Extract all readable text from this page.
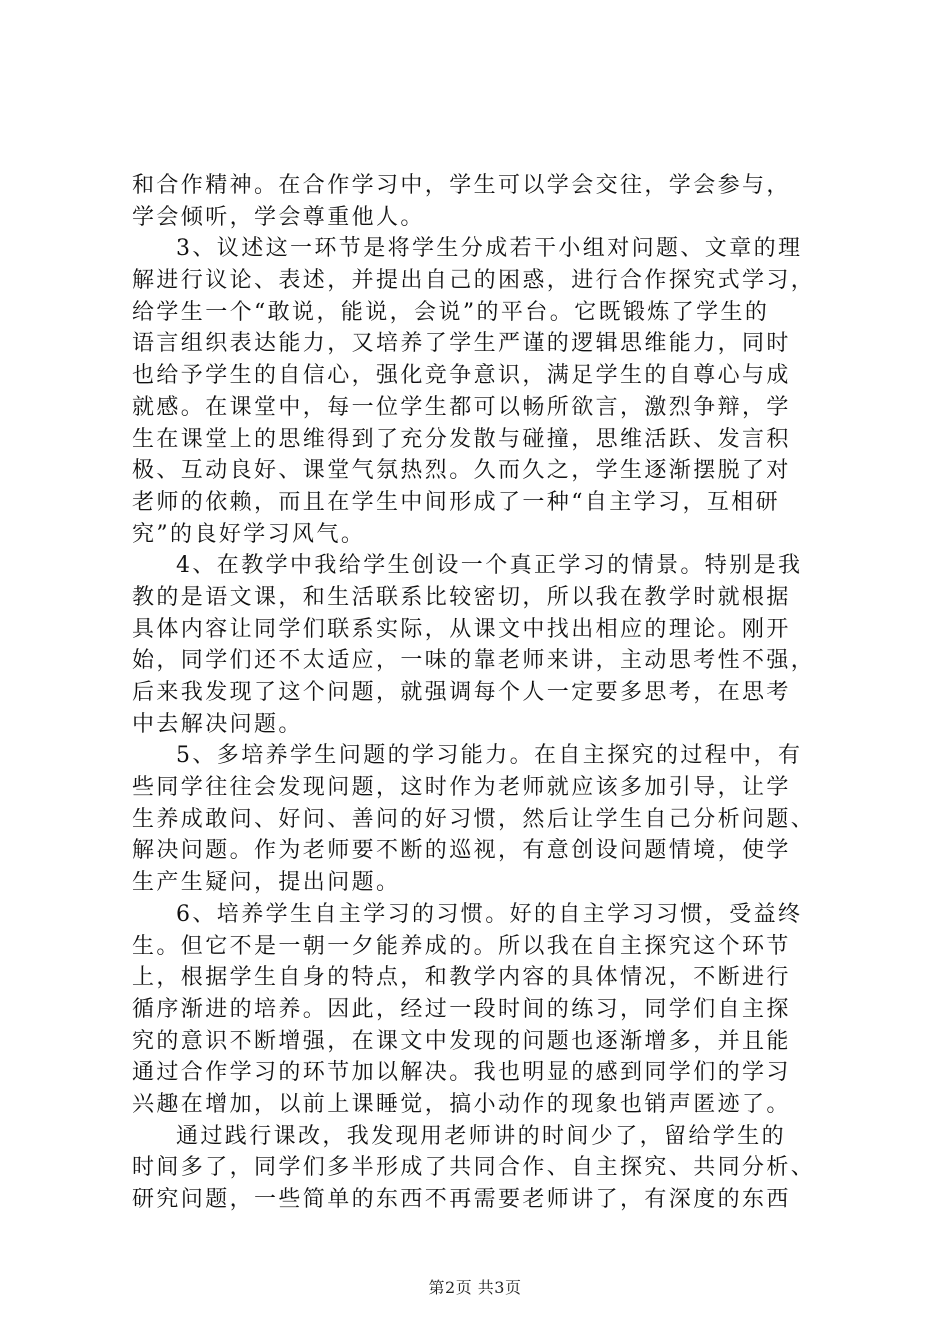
和合作精神。在合作学习中，学生可以学会交往，学会参与，
学会倾听，学会尊重他人。
3、议述这一环节是将学生分成若干小组对问题、文章的理
解进行议论、表述，并提出自己的困惑，进行合作探究式学习，
给学生一个“敢说，能说，会说”的平台。它既锻炼了学生的
语言组织表达能力，又培养了学生严谨的逻辑思维能力，同时
也给予学生的自信心，强化竞争意识，满足学生的自尊心与成
就感。在课堂中，每一位学生都可以畅所欲言，激烈争辩，学
生在课堂上的思维得到了充分发散与碰撞，思维活跃、发言积
极、互动良好、课堂气氛热烈。久而久之，学生逐渐摆脱了对
老师的依赖，而且在学生中间形成了一种“自主学习，互相研
究”的良好学习风气。
4、在教学中我给学生创设一个真正学习的情景。特别是我
教的是语文课，和生活联系比较密切，所以我在教学时就根据
具体内容让同学们联系实际，从课文中找出相应的理论。刚开
始，同学们还不太适应，一味的靠老师来讲，主动思考性不强，
后来我发现了这个问题，就强调每个人一定要多思考，在思考
中去解决问题。
5、多培养学生问题的学习能力。在自主探究的过程中，有
些同学往往会发现问题，这时作为老师就应该多加引导，让学
生养成敢问、好问、善问的好习惯，然后让学生自己分析问题、
解决问题。作为老师要不断的巡视，有意创设问题情境，使学
生产生疑问，提出问题。
6、培养学生自主学习的习惯。好的自主学习习惯，受益终
生。但它不是一朝一夕能养成的。所以我在自主探究这个环节
上，根据学生自身的特点，和教学内容的具体情况，不断进行
循序渐进的培养。因此，经过一段时间的练习，同学们自主探
究的意识不断增强，在课文中发现的问题也逐渐增多，并且能
通过合作学习的环节加以解决。我也明显的感到同学们的学习
兴趣在增加，以前上课睡觉，搞小动作的现象也销声匿迹了。
通过践行课改，我发现用老师讲的时间少了，留给学生的
时间多了，同学们多半形成了共同合作、自主探究、共同分析、
研究问题，一些简单的东西不再需要老师讲了，有深度的东西
第2页 共3页
